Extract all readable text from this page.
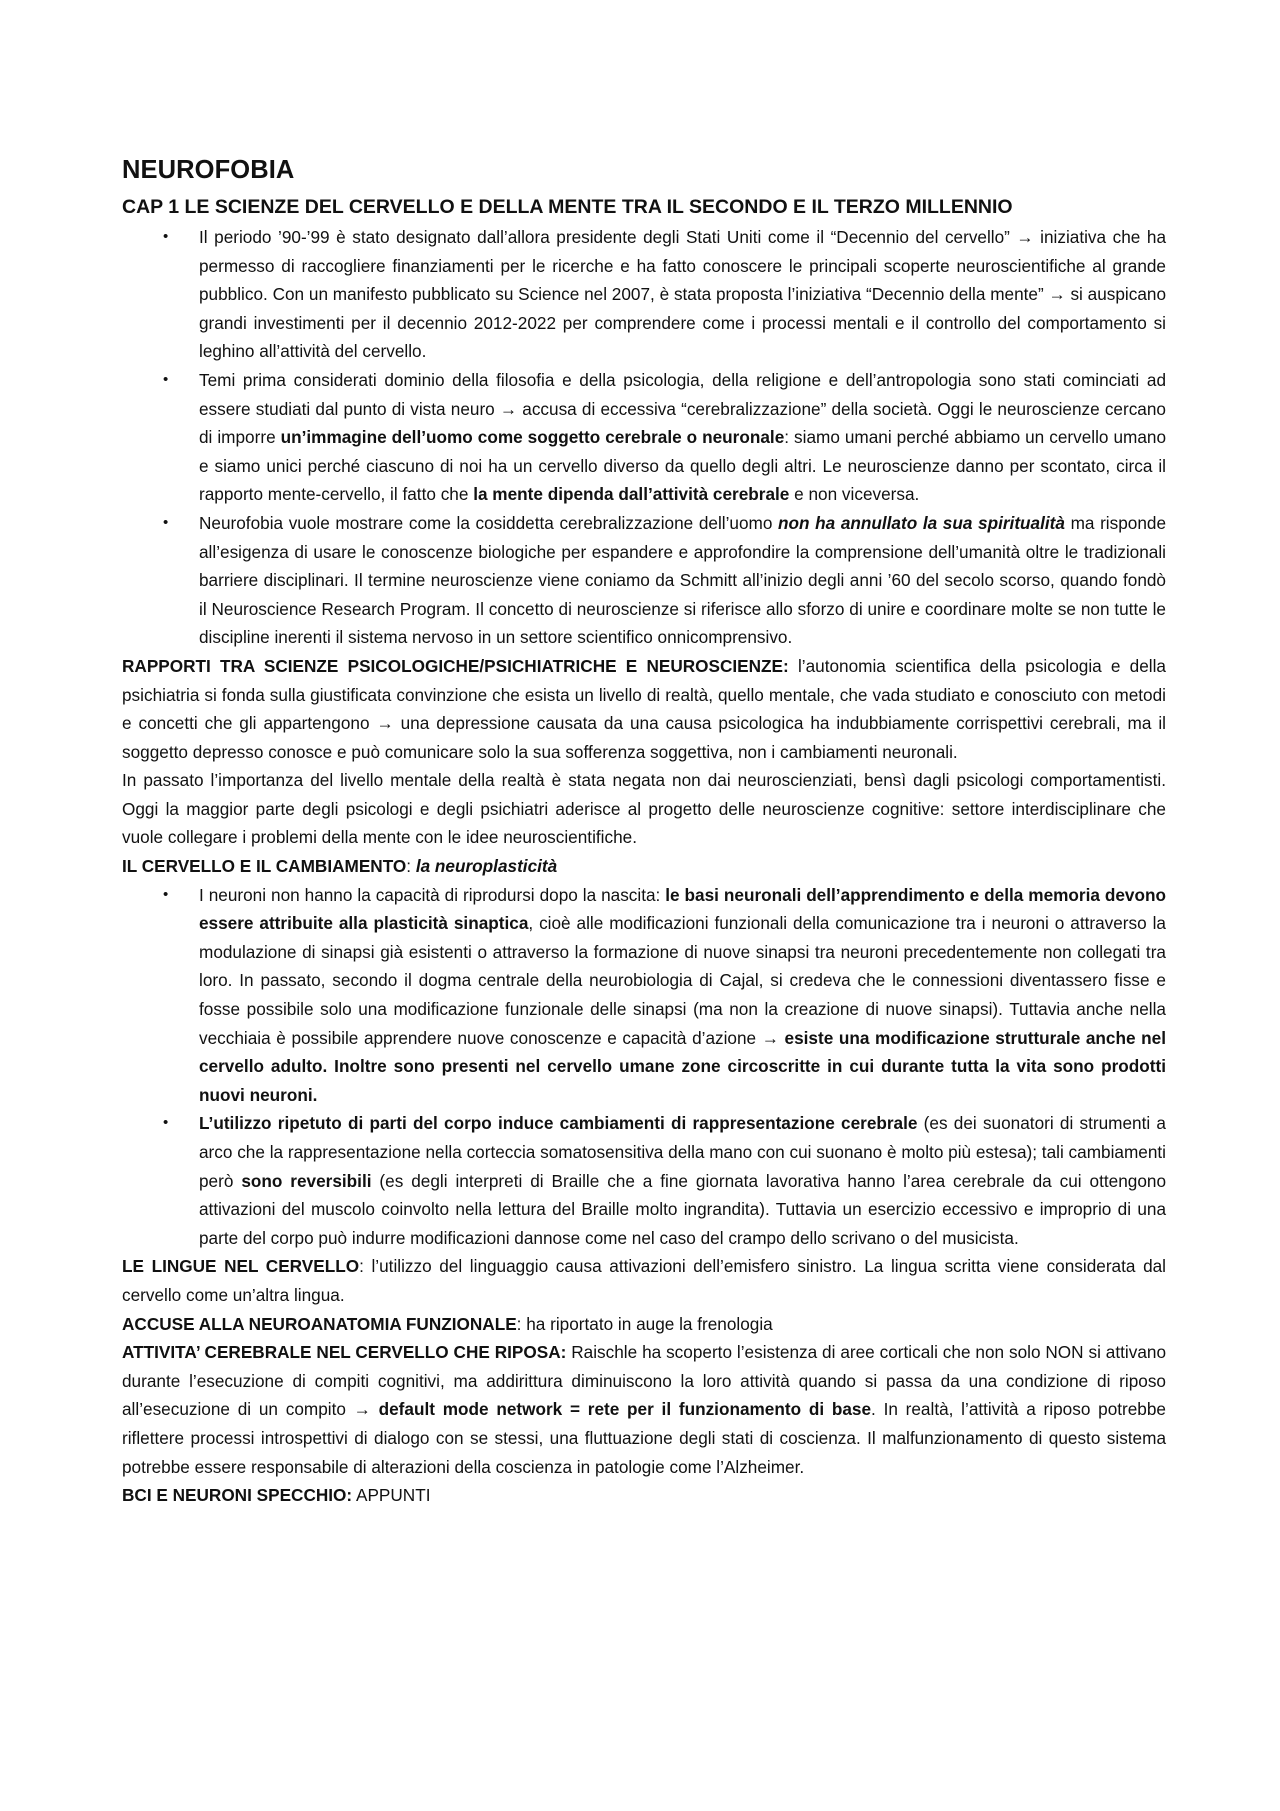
NEUROFOBIA
CAP 1 LE SCIENZE DEL CERVELLO E DELLA MENTE TRA IL SECONDO E IL TERZO MILLENNIO
• Il periodo ’90-’99 è stato designato dall’allora presidente degli Stati Uniti come il “Decennio del cervello” → iniziativa che ha permesso di raccogliere finanziamenti per le ricerche e ha fatto conoscere le principali scoperte neuroscientifiche al grande pubblico. Con un manifesto pubblicato su Science nel 2007, è stata proposta l’iniziativa “Decennio della mente” → si auspicano grandi investimenti per il decennio 2012-2022 per comprendere come i processi mentali e il controllo del comportamento si leghino all’attività del cervello.
• Temi prima considerati dominio della filosofia e della psicologia, della religione e dell’antropologia sono stati cominciati ad essere studiati dal punto di vista neuro → accusa di eccessiva “cerebralizzazione” della società. Oggi le neuroscienze cercano di imporre un’immagine dell’uomo come soggetto cerebrale o neuronale: siamo umani perché abbiamo un cervello umano e siamo unici perché ciascuno di noi ha un cervello diverso da quello degli altri. Le neuroscienze danno per scontato, circa il rapporto mente-cervello, il fatto che la mente dipenda dall’attività cerebrale e non viceversa.
• Neurofobia vuole mostrare come la cosiddetta cerebralizzazione dell’uomo non ha annullato la sua spiritualità ma risponde all’esigenza di usare le conoscenze biologiche per espandere e approfondire la comprensione dell’umanità oltre le tradizionali barriere disciplinari. Il termine neuroscienze viene coniamo da Schmitt all’inizio degli anni ’60 del secolo scorso, quando fondò il Neuroscience Research Program. Il concetto di neuroscienze si riferisce allo sforzo di unire e coordinare molte se non tutte le discipline inerenti il sistema nervoso in un settore scientifico onnicomprensivo.

RAPPORTI TRA SCIENZE PSICOLOGICHE/PSICHIATRICHE E NEUROSCIENZE: l’autonomia scientifica della psicologia e della psichiatria si fonda sulla giustificata convinzione che esista un livello di realtà, quello mentale, che vada studiato e conosciuto con metodi e concetti che gli appartengono → una depressione causata da una causa psicologica ha indubbiamente corrispettivi cerebrali, ma il soggetto depresso conosce e può comunicare solo la sua sofferenza soggettiva, non i cambiamenti neuronali.

In passato l’importanza del livello mentale della realtà è stata negata non dai neuroscienziati, bensì dagli psicologi comportamentisti. Oggi la maggior parte degli psicologi e degli psichiatri aderisce al progetto delle neuroscienze cognitive: settore interdisciplinare che vuole collegare i problemi della mente con le idee neuroscientifiche.

IL CERVELLO E IL CAMBIAMENTO: la neuroplasticità

• I neuroni non hanno la capacità di riprodursi dopo la nascita: le basi neuronali dell’apprendimento e della memoria devono essere attribuite alla plasticità sinaptica, cioè alle modificazioni funzionali della comunicazione tra i neuroni o attraverso la modulazione di sinapsi già esistenti o attraverso la formazione di nuove sinapsi tra neuroni precedentemente non collegati tra loro. In passato, secondo il dogma centrale della neurobiologia di Cajal, si credeva che le connessioni diventassero fisse e fosse possibile solo una modificazione funzionale delle sinapsi (ma non la creazione di nuove sinapsi). Tuttavia anche nella vecchiaia è possibile apprendere nuove conoscenze e capacità d’azione → esiste una modificazione strutturale anche nel cervello adulto. Inoltre sono presenti nel cervello umane zone circoscritte in cui durante tutta la vita sono prodotti nuovi neuroni.
• L’utilizzo ripetuto di parti del corpo induce cambiamenti di rappresentazione cerebrale (es dei suonatori di strumenti a arco che la rappresentazione nella corteccia somatosensitiva della mano con cui suonano è molto più estesa); tali cambiamenti però sono reversibili (es degli interpreti di Braille che a fine giornata lavorativa hanno l’area cerebrale da cui ottengono attivazioni del muscolo coinvolto nella lettura del Braille molto ingrandita). Tuttavia un esercizio eccessivo e improprio di una parte del corpo può indurre modificazioni dannose come nel caso del crampo dello scrivano o del musicista.

LE LINGUE NEL CERVELLO: l’utilizzo del linguaggio causa attivazioni dell’emisfero sinistro. La lingua scritta viene considerata dal cervello come un’altra lingua.

ACCUSE ALLA NEUROANATOMIA FUNZIONALE: ha riportato in auge la frenologia

ATTIVITA’ CEREBRALE NEL CERVELLO CHE RIPOSA: Raischle ha scoperto l’esistenza di aree corticali che non solo NON si attivano durante l’esecuzione di compiti cognitivi, ma addirittura diminuiscono la loro attività quando si passa da una condizione di riposo all’esecuzione di un compito → default mode network = rete per il funzionamento di base. In realtà, l’attività a riposo potrebbe riflettere processi introspettivi di dialogo con se stessi, una fluttuazione degli stati di coscienza. Il malfunzionamento di questo sistema potrebbe essere responsabile di alterazioni della coscienza in patologie come l’Alzheimer.

BCI E NEURONI SPECCHIO: APPUNTI
